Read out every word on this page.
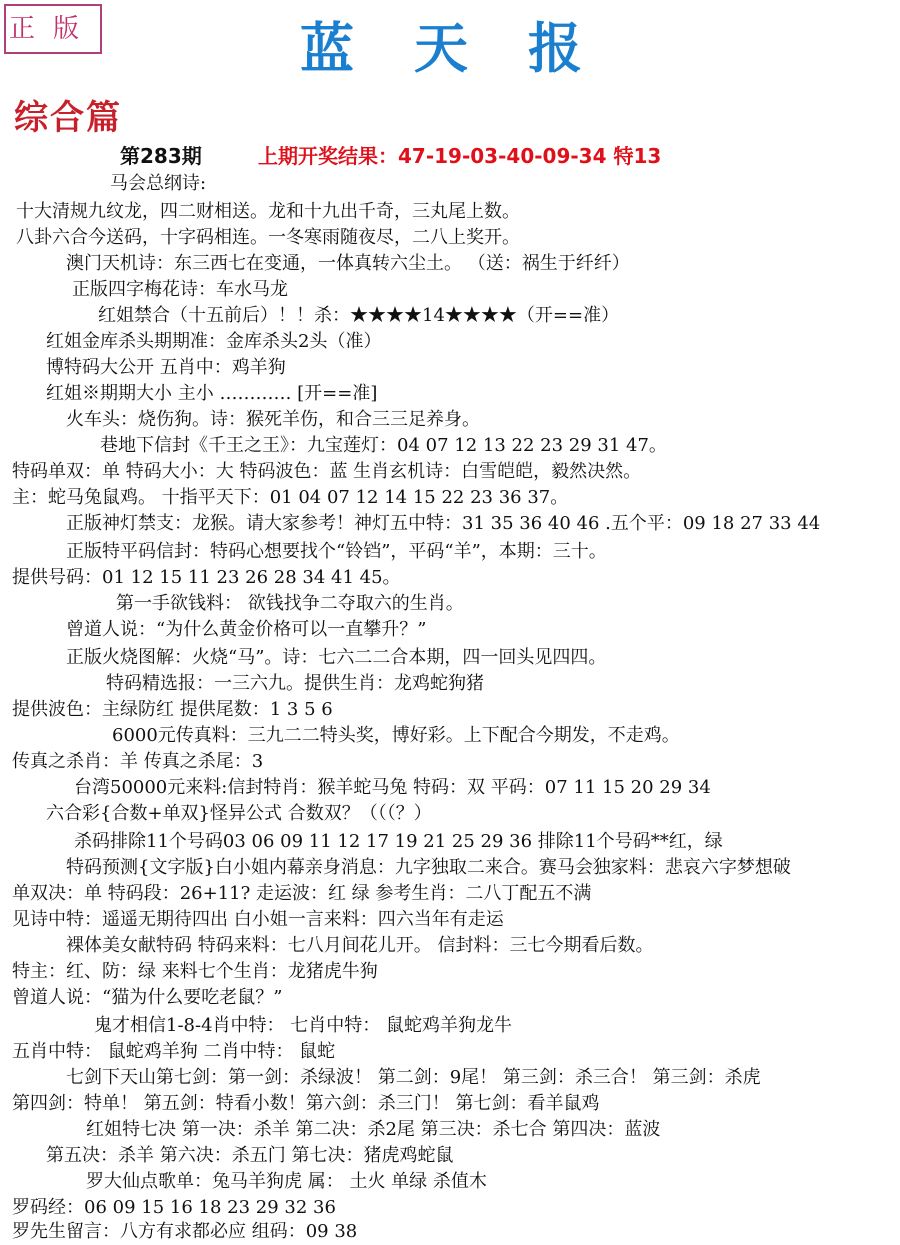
正版	蓝天报
综合篇
第283期	上期开奖结果：47-19-03-40-09-34 特13
马会总纲诗:
十大清规九纹龙，四二财相送。龙和十九出千奇，三丸尾上数。
八卦六合今送码，十字码相连。一冬寒雨随夜尽，二八上奖开。
澳门天机诗：东三西七在变通，一体真转六尘土。 （送：祸生于纤纤）
正版四字梅花诗：车水马龙
红姐禁合（十五前后）！！杀：★★★★14★★★★（开==准）
红姐金库杀头期期准：金库杀头2头（准）
博特码大公开 五肖中：鸡羊狗
红姐※期期大小 主小 ………… [开==准]
火车头：烧伤狗。诗：猴死羊伤，和合三三足养身。
巷地下信封《千王之王》：九宝莲灯：04 07 12 13 22 23 29 31 47。
特码单双：单 特码大小：大 特码波色：蓝 生肖玄机诗：白雪皑皑，毅然决然。
主：蛇马兔鼠鸡。 十指平天下：01 04 07 12 14 15 22 23 36 37。
正版神灯禁支：龙猴。请大家参考！神灯五中特：31 35 36 40 46 .五个平：09 18 27 33 44
正版特平码信封：特码心想要找个“铃铛”，平码“羊”，本期：三十。
提供号码：01 12 15 11 23 26 28 34 41 45。
第一手欲钱料： 欲钱找争二夺取六的生肖。
曾道人说：“为什么黄金价格可以一直攀升？”
正版火烧图解：火烧“马”。诗：七六二二合本期，四一回头见四四。
特码精选报：一三六九。提供生肖：龙鸡蛇狗猪
提供波色：主绿防红 提供尾数：1 3 5 6
6000元传真料：三九二二特头奖，博好彩。上下配合今期发，不走鸡。
传真之杀肖：羊 传真之杀尾：3
台湾50000元来料:信封特肖：猴羊蛇马兔 特码：双 平码：07 11 15 20 29 34
六合彩{合数+单双}怪异公式 合数双？（（（？）
杀码排除11个号码03 06 09 11 12 17 19 21 25 29 36 排除11个号码**红，绿
特码预测{文字版}白小姐内幕亲身消息：九字独取二来合。赛马会独家料：悲哀六字梦想破
单双决：单 特码段：26+11? 走运波：红 绿 参考生肖：二八丁配五不满
见诗中特：遥遥无期待四出 白小姐一言来料：四六当年有走运
裸体美女献特码 特码来料：七八月间花儿开。 信封料：三七今期看后数。
特主：红、防：绿 来料七个生肖：龙猪虎牛狗
曾道人说：“猫为什么要吃老鼠？”
鬼才相信1-8-4肖中特： 七肖中特： 鼠蛇鸡羊狗龙牛
五肖中特： 鼠蛇鸡羊狗 二肖中特： 鼠蛇
七剑下天山第七剑：第一剑：杀绿波！ 第二剑：9尾！ 第三剑：杀三合！ 第三剑：杀虎
第四剑：特单！ 第五剑：特看小数！第六剑：杀三门！ 第七剑：看羊鼠鸡
红姐特七决 第一决：杀羊 第二决：杀2尾 第三决：杀七合 第四决：蓝波
第五决：杀羊 第六决：杀五门 第七决：猪虎鸡蛇鼠
罗大仙点歌单：兔马羊狗虎 属： 土火 单绿 杀值木
罗码经：06 09 15 16 18 23 29 32 36
罗先生留言：八方有求都必应 组码：09 38
